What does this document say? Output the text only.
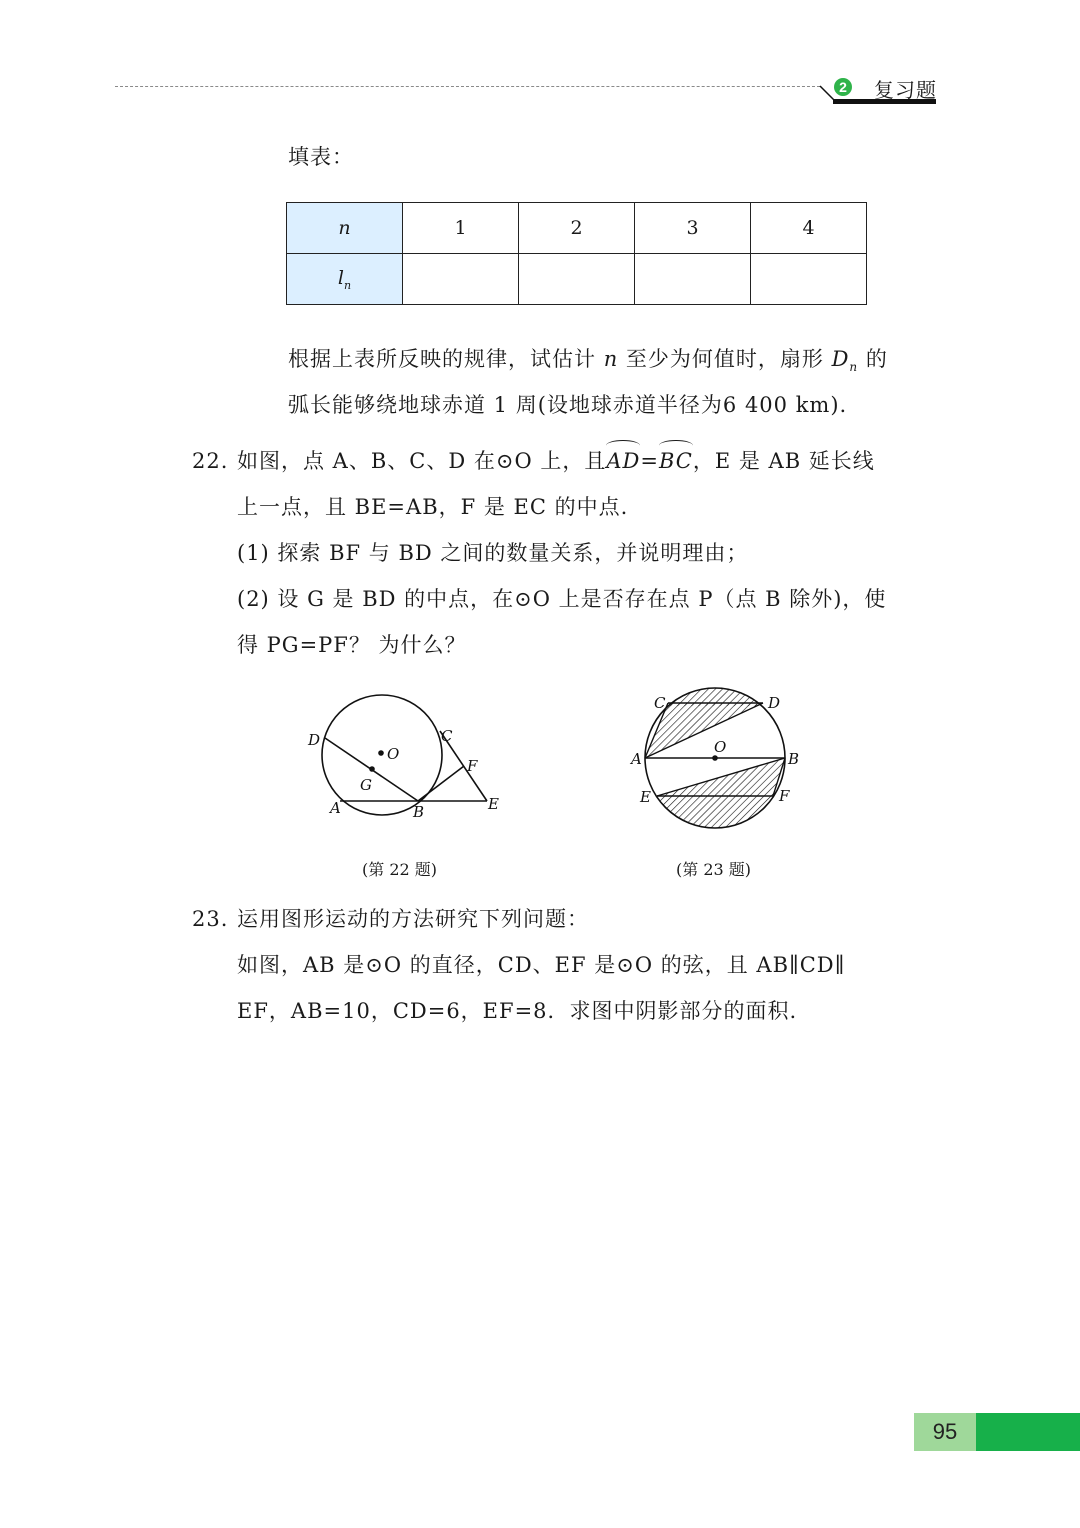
2 复习题
填表：
n	1	2	3	4
$l_n$				
根据上表所反映的规律，试估计 n 至少为何值时，扇形 $D_n$ 的
弧长能够绕地球赤道 1 周(设地球赤道半径为6 400 km).
22. 如图，点 A、B、C、D 在⊙O 上，且
AD=
BC，E 是 AB 延长线
上一点，且 BE=AB，F 是 EC 的中点.
(1) 探索 BF 与 BD 之间的数量关系，并说明理由；
(2) 设 G 是 BD 的中点，在⊙O 上是否存在点 P（点 B 除外)，使
得 PG=PF？ 为什么？
D
O
C
F
G
A	B	E
(第 22 题)
C	D
A
O
B
E	F
(第 23 题)
23. 运用图形运动的方法研究下列问题：
如图，AB 是⊙O 的直径，CD、EF 是⊙O 的弦，且 AB∥CD∥
EF，AB=10，CD=6，EF=8．求图中阴影部分的面积.
95
